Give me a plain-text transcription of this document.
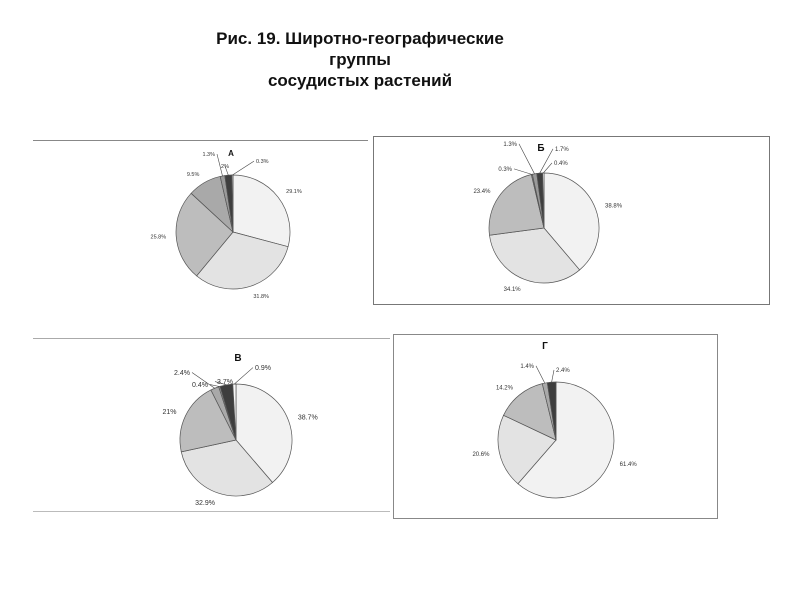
Рис. 19. Широтно-географические
группы
сосудистых растений
А
29.1%
31.8%
25.8%
9.5%
1.3%
2%
0.3%
Б
38.8%
34.1%
23.4%
0.3%
1.3%
1.7%
0.4%
В
38.7%
32.9%
21%
2.4%
0.4% 3.7%
0.9%
Г
61.4%
20.6%
14.2%
1.4%
2.4%
